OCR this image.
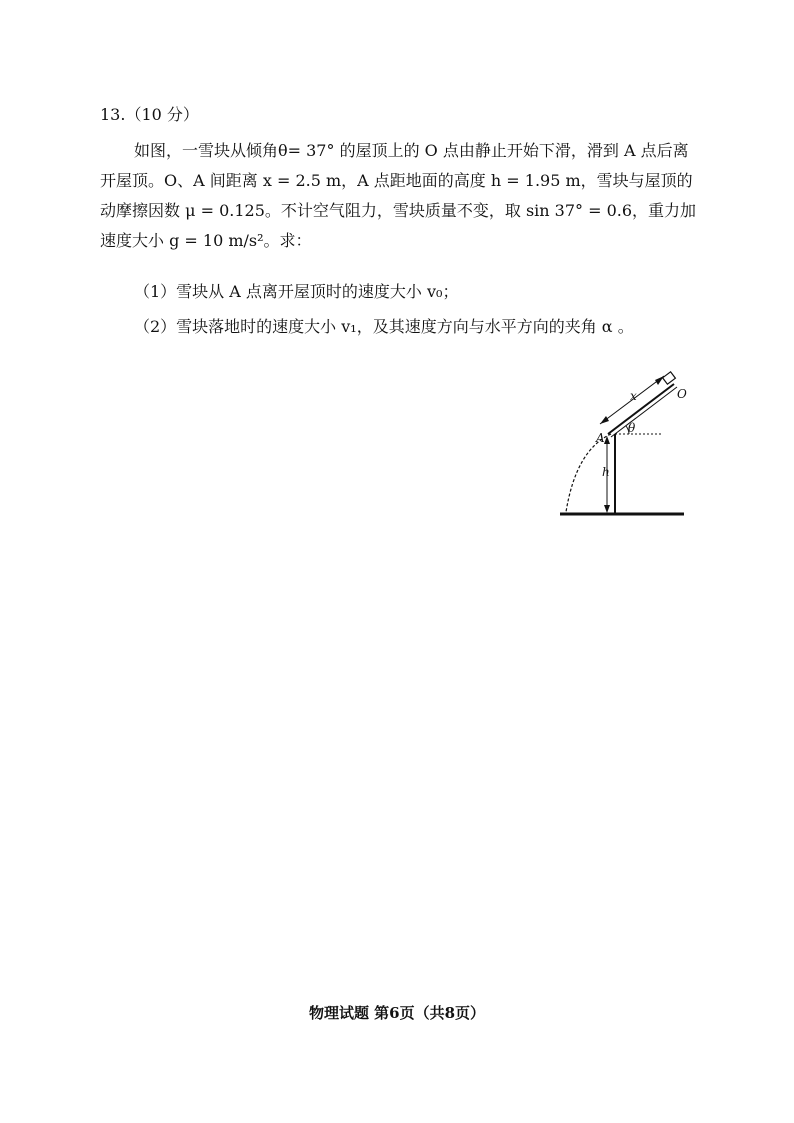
13.（10 分）
如图，一雪块从倾角θ= 37° 的屋顶上的 O 点由静止开始下滑，滑到 A 点后离开屋顶。O、A 间距离 x = 2.5 m，A 点距地面的高度 h = 1.95 m，雪块与屋顶的动摩擦因数 μ = 0.125。不计空气阻力，雪块质量不变，取 sin 37° = 0.6，重力加速度大小 g = 10 m/s²。求：
（1）雪块从 A 点离开屋顶时的速度大小 v₀；
（2）雪块落地时的速度大小 v₁，及其速度方向与水平方向的夹角 α 。
x	O
A
θ
h
物理试题 第6页（共8页）
